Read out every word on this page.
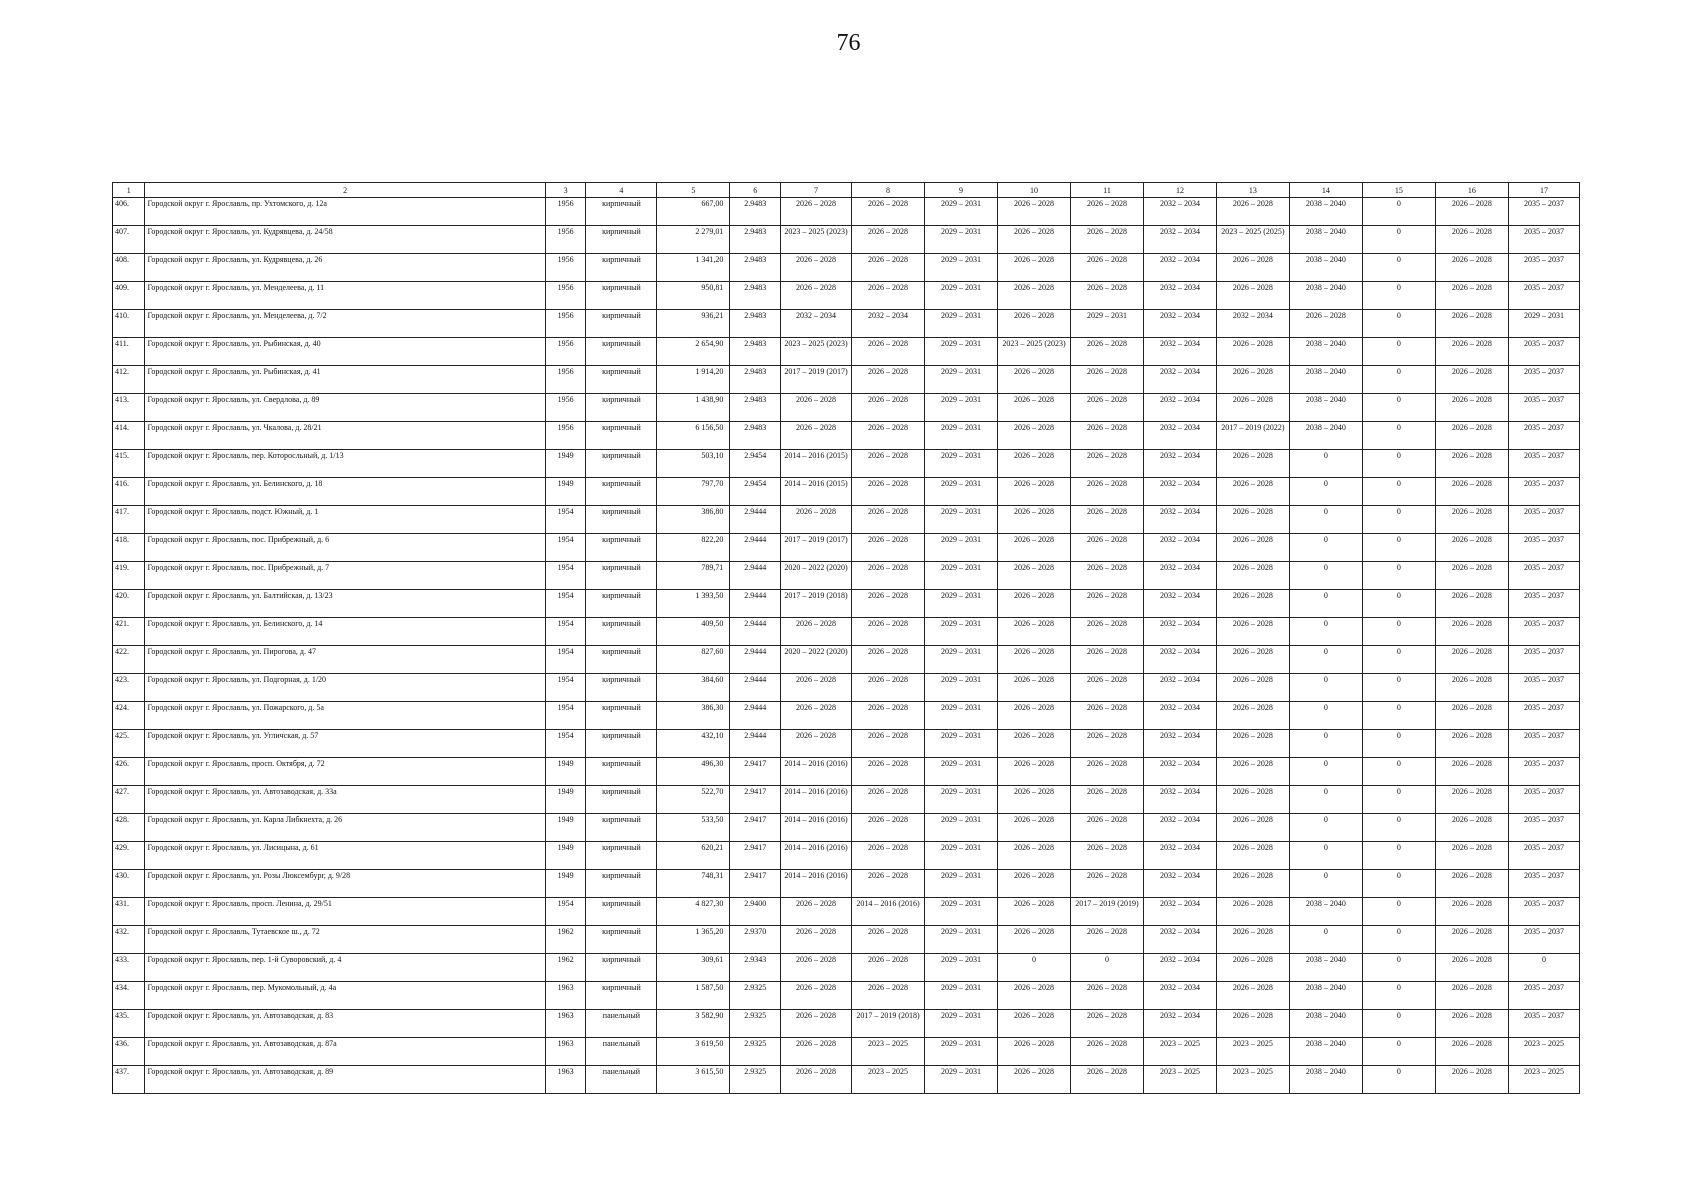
76
1	2	3	4	5	6	7	8	9	10	11	12	13	14	15	16	17
406.	Городской округ г. Ярославль, пр. Ухтомского, д. 12а	1956	кирпичный	667,00	2.9483	2026 – 2028	2026 – 2028	2029 – 2031	2026 – 2028	2026 – 2028	2032 – 2034	2026 – 2028	2038 – 2040	0	2026 – 2028	2035 – 2037
407.	Городской округ г. Ярославль, ул. Кудрявцева, д. 24/58	1956	кирпичный	2 279,01	2.9483	2023 – 2025 (2023)	2026 – 2028	2029 – 2031	2026 – 2028	2026 – 2028	2032 – 2034	2023 – 2025 (2025)	2038 – 2040	0	2026 – 2028	2035 – 2037
408.	Городской округ г. Ярославль, ул. Кудрявцева, д. 26	1956	кирпичный	1 341,20	2.9483	2026 – 2028	2026 – 2028	2029 – 2031	2026 – 2028	2026 – 2028	2032 – 2034	2026 – 2028	2038 – 2040	0	2026 – 2028	2035 – 2037
409.	Городской округ г. Ярославль, ул. Менделеева, д. 11	1956	кирпичный	950,81	2.9483	2026 – 2028	2026 – 2028	2029 – 2031	2026 – 2028	2026 – 2028	2032 – 2034	2026 – 2028	2038 – 2040	0	2026 – 2028	2035 – 2037
410.	Городской округ г. Ярославль, ул. Менделеева, д. 7/2	1956	кирпичный	936,21	2.9483	2032 – 2034	2032 – 2034	2029 – 2031	2026 – 2028	2029 – 2031	2032 – 2034	2032 – 2034	2026 – 2028	0	2026 – 2028	2029 – 2031
411.	Городской округ г. Ярославль, ул. Рыбинская, д. 40	1956	кирпичный	2 654,90	2.9483	2023 – 2025 (2023)	2026 – 2028	2029 – 2031	2023 – 2025 (2023)	2026 – 2028	2032 – 2034	2026 – 2028	2038 – 2040	0	2026 – 2028	2035 – 2037
412.	Городской округ г. Ярославль, ул. Рыбинская, д. 41	1956	кирпичный	1 914,20	2.9483	2017 – 2019 (2017)	2026 – 2028	2029 – 2031	2026 – 2028	2026 – 2028	2032 – 2034	2026 – 2028	2038 – 2040	0	2026 – 2028	2035 – 2037
413.	Городской округ г. Ярославль, ул. Свердлова, д. 89	1956	кирпичный	1 438,90	2.9483	2026 – 2028	2026 – 2028	2029 – 2031	2026 – 2028	2026 – 2028	2032 – 2034	2026 – 2028	2038 – 2040	0	2026 – 2028	2035 – 2037
414.	Городской округ г. Ярославль, ул. Чкалова, д. 28/21	1956	кирпичный	6 156,50	2.9483	2026 – 2028	2026 – 2028	2029 – 2031	2026 – 2028	2026 – 2028	2032 – 2034	2017 – 2019 (2022)	2038 – 2040	0	2026 – 2028	2035 – 2037
415.	Городской округ г. Ярославль, пер. Которосльный, д. 1/13	1949	кирпичный	503,10	2.9454	2014 – 2016 (2015)	2026 – 2028	2029 – 2031	2026 – 2028	2026 – 2028	2032 – 2034	2026 – 2028	0	0	2026 – 2028	2035 – 2037
416.	Городской округ г. Ярославль, ул. Белинского, д. 18	1949	кирпичный	797,70	2.9454	2014 – 2016 (2015)	2026 – 2028	2029 – 2031	2026 – 2028	2026 – 2028	2032 – 2034	2026 – 2028	0	0	2026 – 2028	2035 – 2037
417.	Городской округ г. Ярославль, подст. Южный, д. 1	1954	кирпичный	386,80	2.9444	2026 – 2028	2026 – 2028	2029 – 2031	2026 – 2028	2026 – 2028	2032 – 2034	2026 – 2028	0	0	2026 – 2028	2035 – 2037
418.	Городской округ г. Ярославль, пос. Прибрежный, д. 6	1954	кирпичный	822,20	2.9444	2017 – 2019 (2017)	2026 – 2028	2029 – 2031	2026 – 2028	2026 – 2028	2032 – 2034	2026 – 2028	0	0	2026 – 2028	2035 – 2037
419.	Городской округ г. Ярославль, пос. Прибрежный, д. 7	1954	кирпичный	789,71	2.9444	2020 – 2022 (2020)	2026 – 2028	2029 – 2031	2026 – 2028	2026 – 2028	2032 – 2034	2026 – 2028	0	0	2026 – 2028	2035 – 2037
420.	Городской округ г. Ярославль, ул. Балтийская, д. 13/23	1954	кирпичный	1 393,50	2.9444	2017 – 2019 (2018)	2026 – 2028	2029 – 2031	2026 – 2028	2026 – 2028	2032 – 2034	2026 – 2028	0	0	2026 – 2028	2035 – 2037
421.	Городской округ г. Ярославль, ул. Белинского, д. 14	1954	кирпичный	409,50	2.9444	2026 – 2028	2026 – 2028	2029 – 2031	2026 – 2028	2026 – 2028	2032 – 2034	2026 – 2028	0	0	2026 – 2028	2035 – 2037
422.	Городской округ г. Ярославль, ул. Пирогова, д. 47	1954	кирпичный	827,60	2.9444	2020 – 2022 (2020)	2026 – 2028	2029 – 2031	2026 – 2028	2026 – 2028	2032 – 2034	2026 – 2028	0	0	2026 – 2028	2035 – 2037
423.	Городской округ г. Ярославль, ул. Подгорная, д. 1/20	1954	кирпичный	384,60	2.9444	2026 – 2028	2026 – 2028	2029 – 2031	2026 – 2028	2026 – 2028	2032 – 2034	2026 – 2028	0	0	2026 – 2028	2035 – 2037
424.	Городской округ г. Ярославль, ул. Пожарского, д. 5а	1954	кирпичный	386,30	2.9444	2026 – 2028	2026 – 2028	2029 – 2031	2026 – 2028	2026 – 2028	2032 – 2034	2026 – 2028	0	0	2026 – 2028	2035 – 2037
425.	Городской округ г. Ярославль, ул. Угличская, д. 57	1954	кирпичный	432,10	2.9444	2026 – 2028	2026 – 2028	2029 – 2031	2026 – 2028	2026 – 2028	2032 – 2034	2026 – 2028	0	0	2026 – 2028	2035 – 2037
426.	Городской округ г. Ярославль, просп. Октября, д. 72	1949	кирпичный	496,30	2.9417	2014 – 2016 (2016)	2026 – 2028	2029 – 2031	2026 – 2028	2026 – 2028	2032 – 2034	2026 – 2028	0	0	2026 – 2028	2035 – 2037
427.	Городской округ г. Ярославль, ул. Автозаводская, д. 33а	1949	кирпичный	522,70	2.9417	2014 – 2016 (2016)	2026 – 2028	2029 – 2031	2026 – 2028	2026 – 2028	2032 – 2034	2026 – 2028	0	0	2026 – 2028	2035 – 2037
428.	Городской округ г. Ярославль, ул. Карла Либкнехта, д. 26	1949	кирпичный	533,50	2.9417	2014 – 2016 (2016)	2026 – 2028	2029 – 2031	2026 – 2028	2026 – 2028	2032 – 2034	2026 – 2028	0	0	2026 – 2028	2035 – 2037
429.	Городской округ г. Ярославль, ул. Лисицына, д. 61	1949	кирпичный	620,21	2.9417	2014 – 2016 (2016)	2026 – 2028	2029 – 2031	2026 – 2028	2026 – 2028	2032 – 2034	2026 – 2028	0	0	2026 – 2028	2035 – 2037
430.	Городской округ г. Ярославль, ул. Розы Люксембург, д. 9/28	1949	кирпичный	748,31	2.9417	2014 – 2016 (2016)	2026 – 2028	2029 – 2031	2026 – 2028	2026 – 2028	2032 – 2034	2026 – 2028	0	0	2026 – 2028	2035 – 2037
431.	Городской округ г. Ярославль, просп. Ленина, д. 29/51	1954	кирпичный	4 827,30	2.9400	2026 – 2028	2014 – 2016 (2016)	2029 – 2031	2026 – 2028	2017 – 2019 (2019)	2032 – 2034	2026 – 2028	2038 – 2040	0	2026 – 2028	2035 – 2037
432.	Городской округ г. Ярославль, Тутаевское ш., д. 72	1962	кирпичный	1 365,20	2.9370	2026 – 2028	2026 – 2028	2029 – 2031	2026 – 2028	2026 – 2028	2032 – 2034	2026 – 2028	0	0	2026 – 2028	2035 – 2037
433.	Городской округ г. Ярославль, пер. 1-й Суворовский, д. 4	1962	кирпичный	309,61	2.9343	2026 – 2028	2026 – 2028	2029 – 2031	0	0	2032 – 2034	2026 – 2028	2038 – 2040	0	2026 – 2028	0
434.	Городской округ г. Ярославль, пер. Мукомольный, д. 4а	1963	кирпичный	1 587,50	2.9325	2026 – 2028	2026 – 2028	2029 – 2031	2026 – 2028	2026 – 2028	2032 – 2034	2026 – 2028	2038 – 2040	0	2026 – 2028	2035 – 2037
435.	Городской округ г. Ярославль, ул. Автозаводская, д. 83	1963	панельный	3 582,90	2.9325	2026 – 2028	2017 – 2019 (2018)	2029 – 2031	2026 – 2028	2026 – 2028	2032 – 2034	2026 – 2028	2038 – 2040	0	2026 – 2028	2035 – 2037
436.	Городской округ г. Ярославль, ул. Автозаводская, д. 87а	1963	панельный	3 619,50	2.9325	2026 – 2028	2023 – 2025	2029 – 2031	2026 – 2028	2026 – 2028	2023 – 2025	2023 – 2025	2038 – 2040	0	2026 – 2028	2023 – 2025
437.	Городской округ г. Ярославль, ул. Автозаводская, д. 89	1963	панельный	3 615,50	2.9325	2026 – 2028	2023 – 2025	2029 – 2031	2026 – 2028	2026 – 2028	2023 – 2025	2023 – 2025	2038 – 2040	0	2026 – 2028	2023 – 2025
